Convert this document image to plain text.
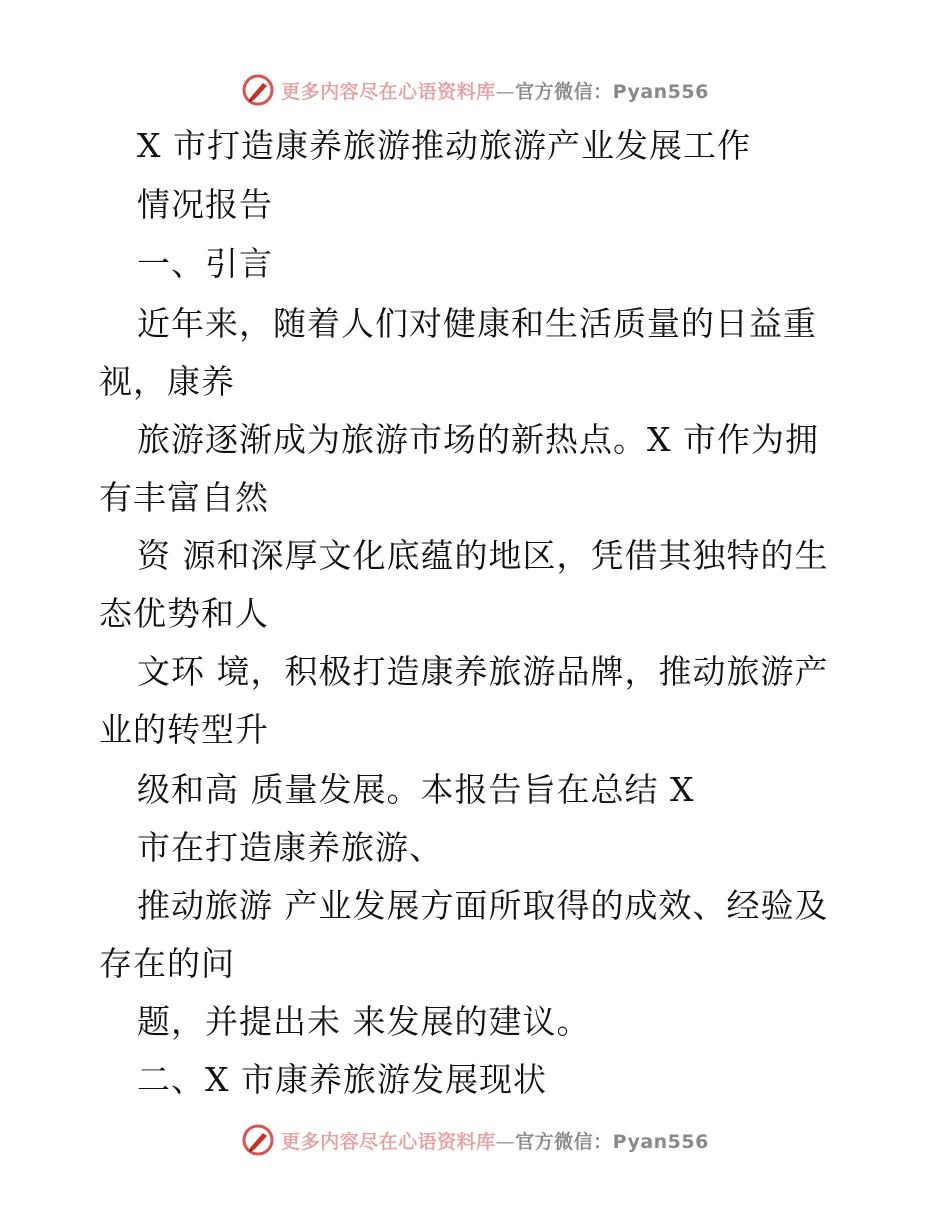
更多内容尽在心语资料库—官方微信：Pyan556
X 市打造康养旅游推动旅游产业发展工作
情况报告
一、引言
近年来，随着人们对健康和生活质量的日益重
视，康养
旅游逐渐成为旅游市场的新热点。X 市作为拥
有丰富自然
资 源和深厚文化底蕴的地区，凭借其独特的生
态优势和人
文环 境，积极打造康养旅游品牌，推动旅游产
业的转型升
级和高 质量发展。本报告旨在总结 X
市在打造康养旅游、
推动旅游 产业发展方面所取得的成效、经验及
存在的问
题，并提出未 来发展的建议。
二、X 市康养旅游发展现状
更多内容尽在心语资料库—官方微信：Pyan556
